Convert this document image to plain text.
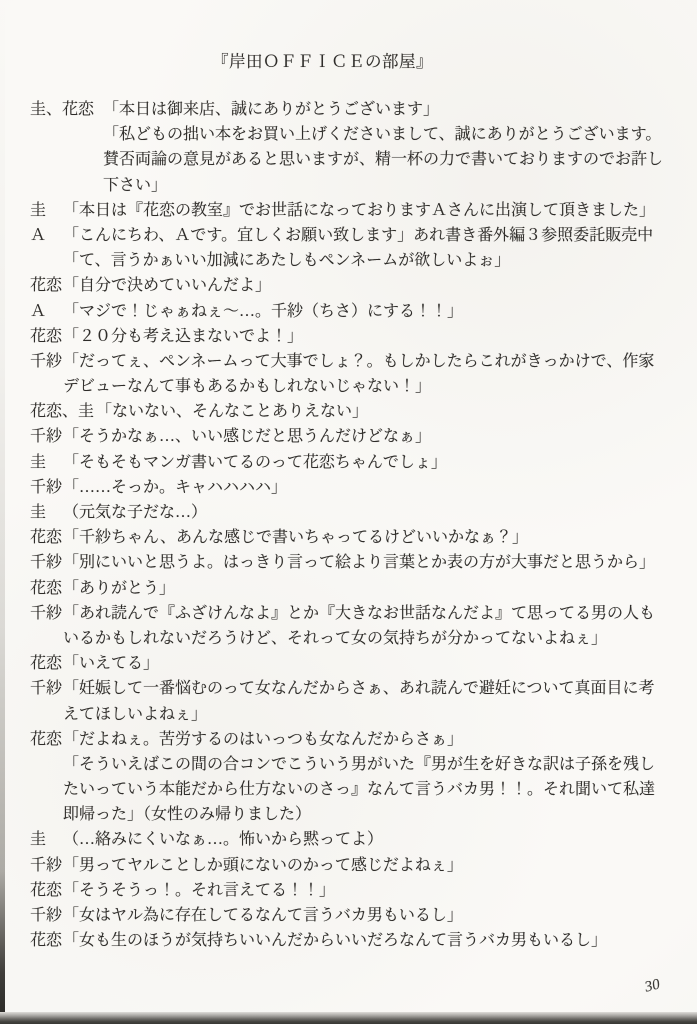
『岸田ＯＦＦＩＣＥの部屋』
圭、花恋 「本日は御来店、誠にありがとうございます」
「私どもの拙い本をお買い上げくださいまして、誠にありがとうございます。
賛否両論の意見があると思いますが、精一杯の力で書いておりますのでお許し
下さい」
圭	「本日は『花恋の教室』でお世話になっておりますＡさんに出演して頂きました」
Ａ	「こんにちわ、Ａです。宜しくお願い致します」あれ書き番外編３参照委託販売中
「て、言うかぁいい加減にあたしもペンネームが欲しいよぉ」
花恋 「自分で決めていいんだよ」
Ａ	「マジで！じゃぁねぇ～…。千紗（ちさ）にする！！」
花恋 「２０分も考え込まないでよ！」
千紗 「だってぇ、ペンネームって大事でしょ？。もしかしたらこれがきっかけで、作家
デビューなんて事もあるかもしれないじゃない！」
花恋、圭 「ないない、そんなことありえない」
千紗 「そうかなぁ…、いい感じだと思うんだけどなぁ」
圭	「そもそもマンガ書いてるのって花恋ちゃんでしょ」
千紗 「……そっか。キャハハハハ」
圭	（元気な子だな…）
花恋 「千紗ちゃん、あんな感じで書いちゃってるけどいいかなぁ？」
千紗 「別にいいと思うよ。はっきり言って絵より言葉とか表の方が大事だと思うから」
花恋 「ありがとう」
千紗 「あれ読んで『ふざけんなよ』とか『大きなお世話なんだよ』て思ってる男の人も
いるかもしれないだろうけど、それって女の気持ちが分かってないよねぇ」
花恋 「いえてる」
千紗 「妊娠して一番悩むのって女なんだからさぁ、あれ読んで避妊について真面目に考
えてほしいよねぇ」
花恋 「だよねぇ。苦労するのはいっつも女なんだからさぁ」
「そういえばこの間の合コンでこういう男がいた『男が生を好きな訳は子孫を残し
たいっていう本能だから仕方ないのさっ』なんて言うバカ男！！。それ聞いて私達
即帰った」（女性のみ帰りました）
圭	（…絡みにくいなぁ…。怖いから黙ってよ）
千紗 「男ってヤルことしか頭にないのかって感じだよねぇ」
花恋 「そうそうっ！。それ言えてる！！」
千紗 「女はヤル為に存在してるなんて言うバカ男もいるし」
花恋 「女も生のほうが気持ちいいんだからいいだろなんて言うバカ男もいるし」
30
